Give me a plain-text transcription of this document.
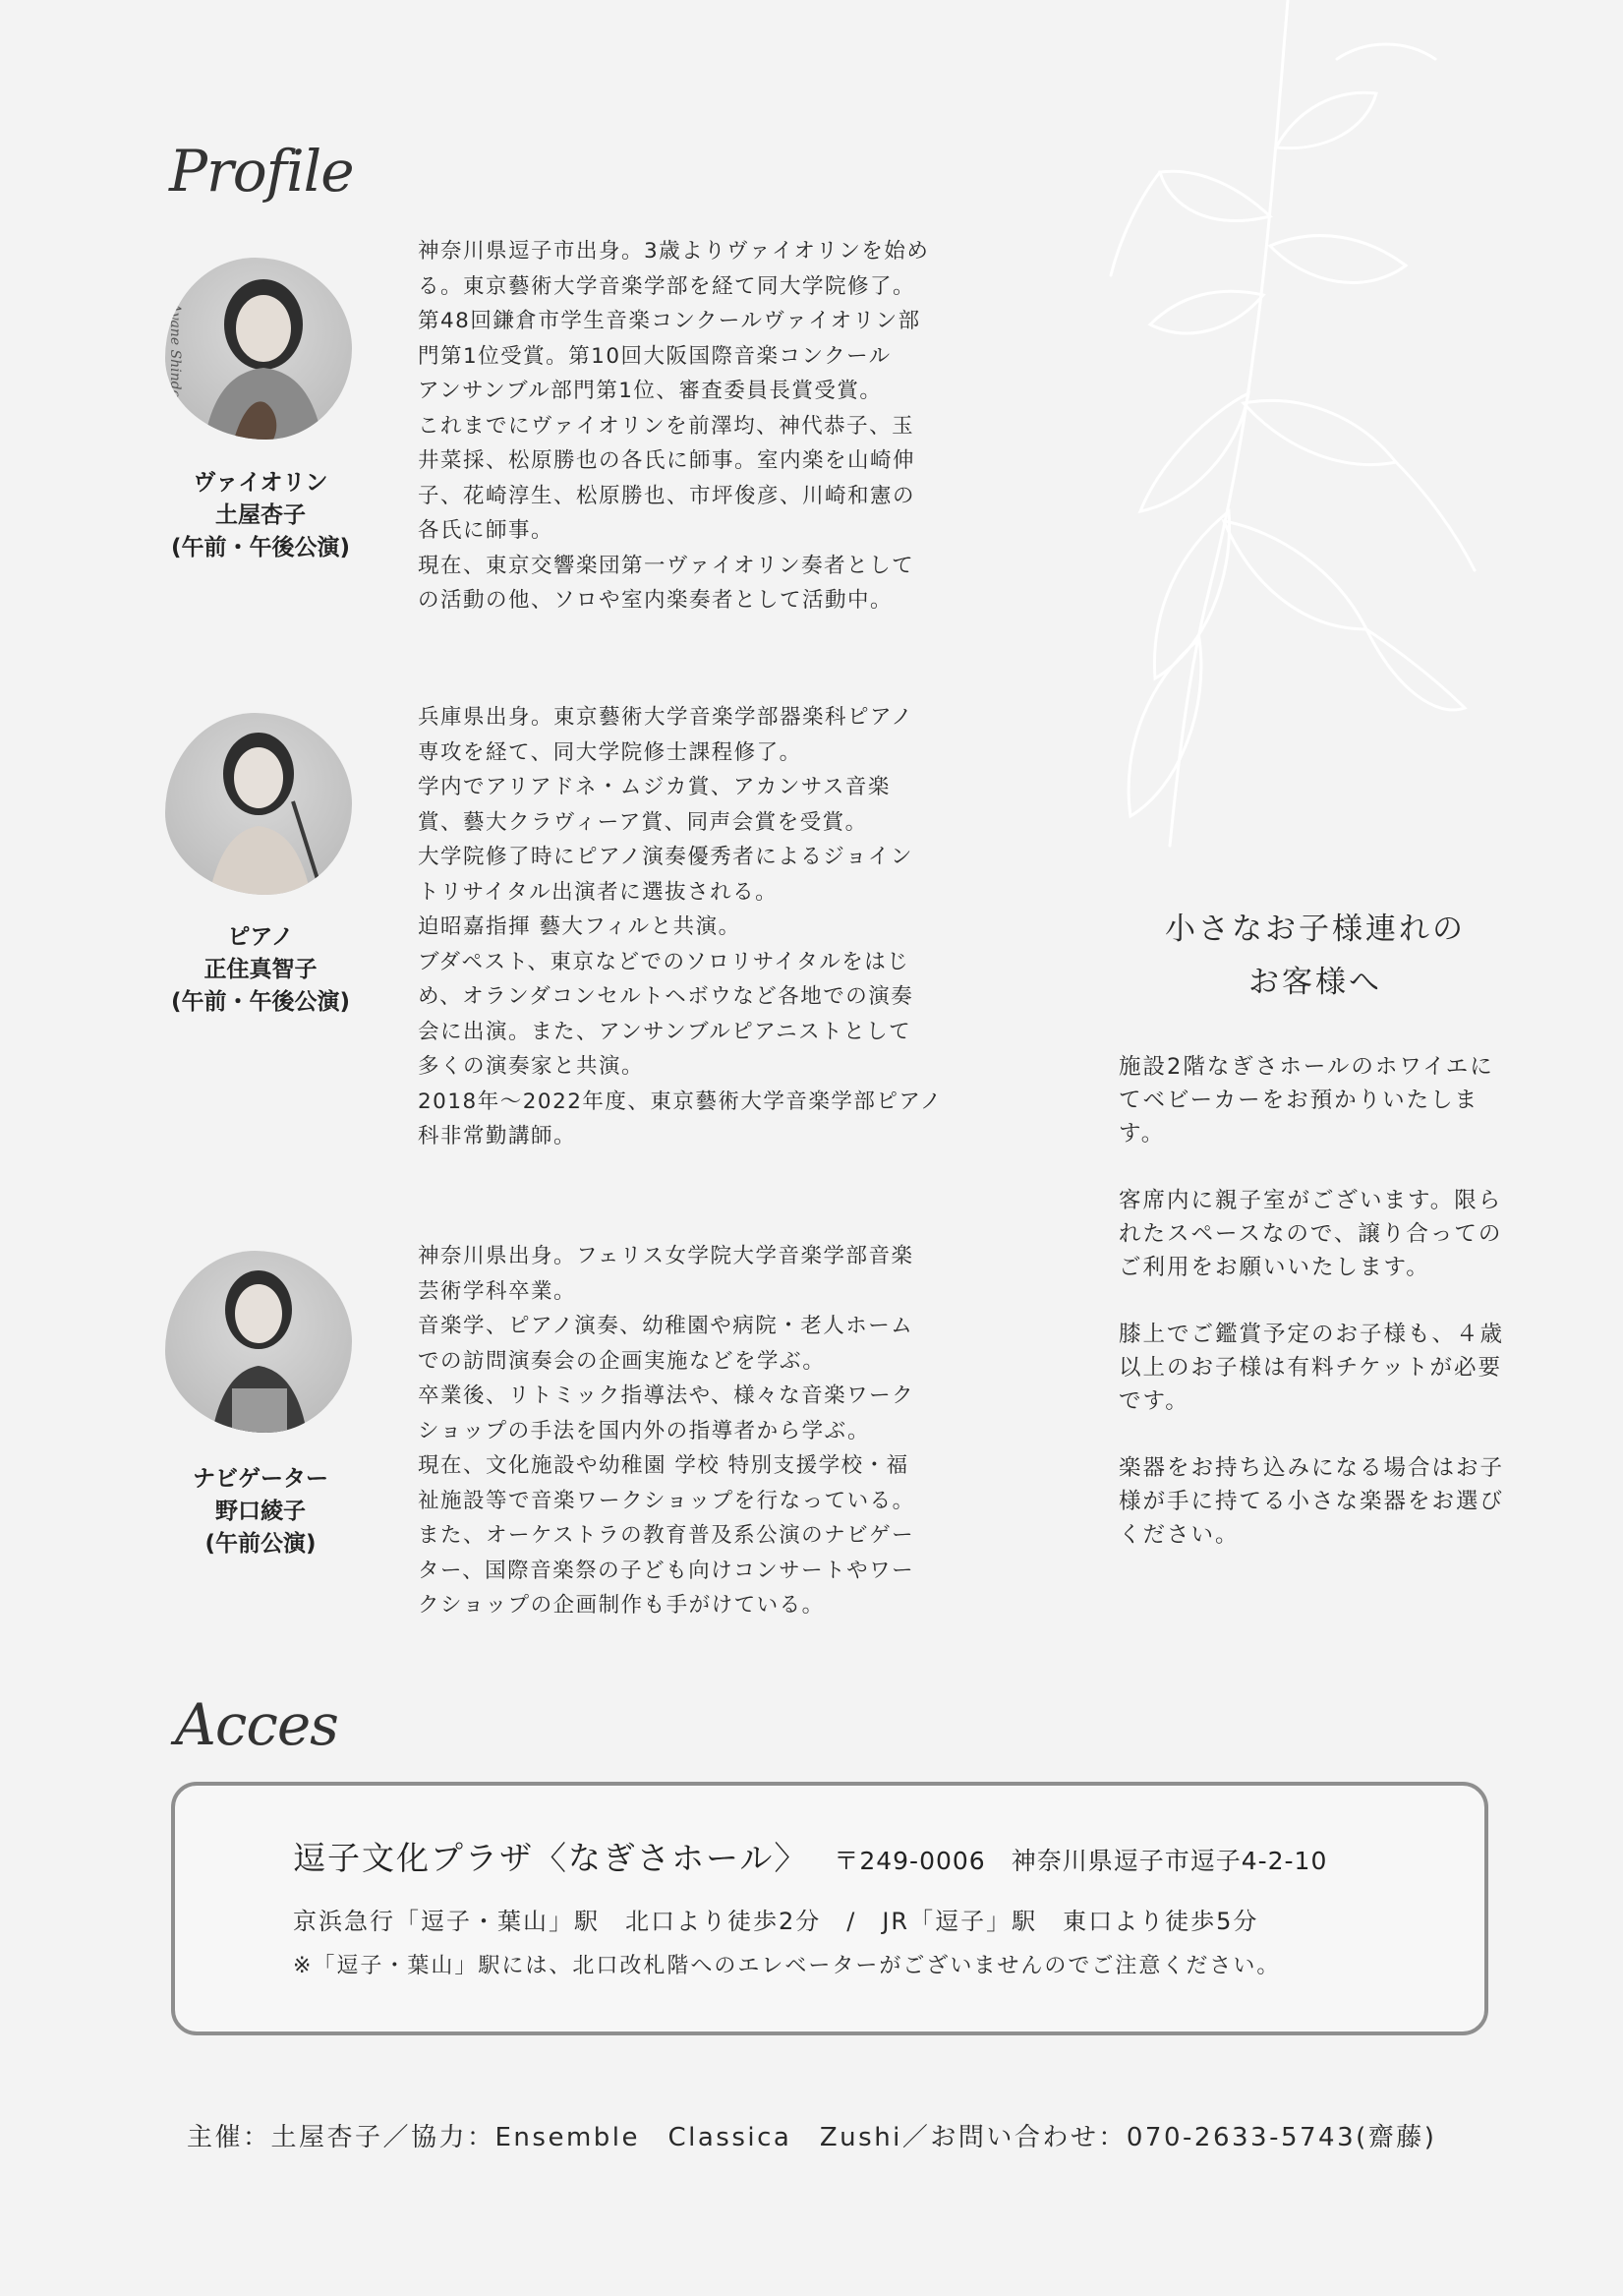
Profile
©Ayane Shindo
ヴァイオリン
土屋杏子
(午前・午後公演)

神奈川県逗子市出身。3歳よりヴァイオリンを始め

る。東京藝術大学音楽学部を経て同大学院修了。

第48回鎌倉市学生音楽コンクールヴァイオリン部

門第1位受賞。第10回大阪国際音楽コンクール

アンサンブル部門第1位、審査委員長賞受賞。

これまでにヴァイオリンを前澤均、神代恭子、玉

井菜採、松原勝也の各氏に師事。室内楽を山崎伸

子、花崎淳生、松原勝也、市坪俊彦、川崎和憲の

各氏に師事。

現在、東京交響楽団第一ヴァイオリン奏者として

の活動の他、ソロや室内楽奏者として活動中。

ピアノ
正住真智子
(午前・午後公演)

兵庫県出身。東京藝術大学音楽学部器楽科ピアノ

専攻を経て、同大学院修士課程修了。

学内でアリアドネ・ムジカ賞、アカンサス音楽

賞、藝大クラヴィーア賞、同声会賞を受賞。

大学院修了時にピアノ演奏優秀者によるジョイン

トリサイタル出演者に選抜される。

迫昭嘉指揮 藝大フィルと共演。

ブダペスト、東京などでのソロリサイタルをはじ

め、オランダコンセルトヘボウなど各地での演奏

会に出演。また、アンサンブルピアニストとして

多くの演奏家と共演。

2018年～2022年度、東京藝術大学音楽学部ピアノ

科非常勤講師。

ナビゲーター
野口綾子
(午前公演)

神奈川県出身。フェリス女学院大学音楽学部音楽

芸術学科卒業。

音楽学、ピアノ演奏、幼稚園や病院・老人ホーム

での訪問演奏会の企画実施などを学ぶ。

卒業後、リトミック指導法や、様々な音楽ワーク

ショップの手法を国内外の指導者から学ぶ。

現在、文化施設や幼稚園 学校 特別支援学校・福

祉施設等で音楽ワークショップを行なっている。

また、オーケストラの教育普及系公演のナビゲー

ター、国際音楽祭の子ども向けコンサートやワー

クショップの企画制作も手がけている。

小さなお子様連れの
お客様へ

施設2階なぎさホールのホワイエにてベビーカーをお預かりいたします。

客席内に親子室がございます。限られたスペースなので、譲り合ってのご利用をお願いいたします。

膝上でご鑑賞予定のお子様も、４歳以上のお子様は有料チケットが必要です。

楽器をお持ち込みになる場合はお子様が手に持てる小さな楽器をお選びください。

Acces
逗子文化プラザ〈なぎさホール〉 〒249-0006　神奈川県逗子市逗子4-2-10
京浜急行「逗子・葉山」駅　北口より徒歩2分　/　JR「逗子」駅　東口より徒歩5分
※「逗子・葉山」駅には、北口改札階へのエレベーターがございませんのでご注意ください。
主催：土屋杏子／協力：Ensemble　Classica　Zushi／お問い合わせ：070-2633-5743(齋藤)
